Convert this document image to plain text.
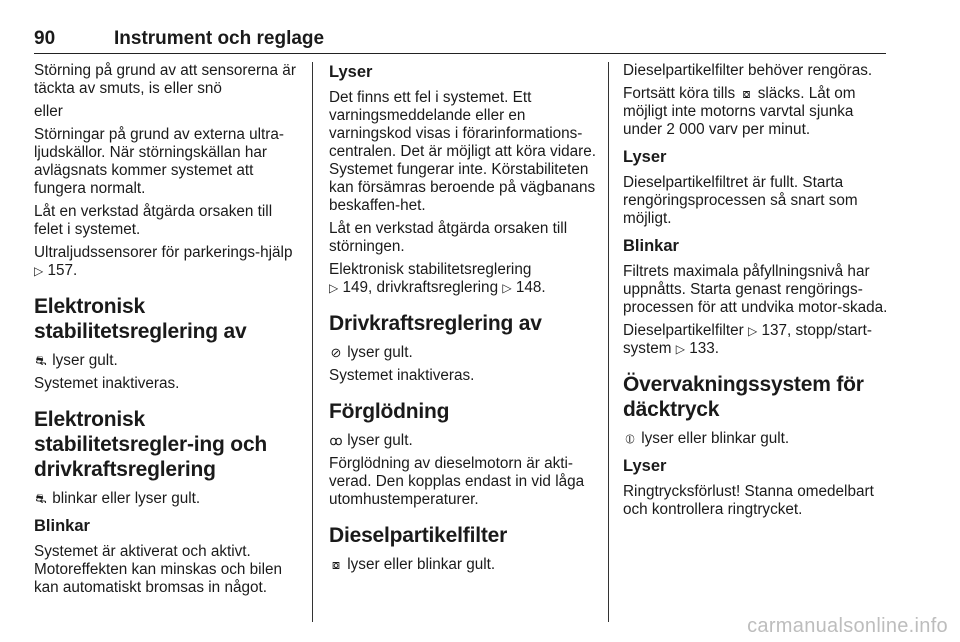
90	Instrument och reglage

Störning på grund av att sensorerna är täckta av smuts, is eller snö

eller

Störningar på grund av externa ultra-ljudskällor. När störningskällan har avlägsnats kommer systemet att fungera normalt.

Låt en verkstad åtgärda orsaken till felet i systemet.

Ultraljudssensorer för parkerings-hjälp ▷ 157.

Elektronisk stabilitetsreglering av

⛐ lyser gult.

Systemet inaktiveras.

Elektronisk stabilitetsregler-ing och drivkraftsreglering

⛐ blinkar eller lyser gult.

Blinkar

Systemet är aktiverat och aktivt. Motoreffekten kan minskas och bilen kan automatiskt bromsas in något.

Lyser

Det finns ett fel i systemet. Ett varningsmeddelande eller en varningskod visas i förarinformations-centralen. Det är möjligt att köra vidare. Systemet fungerar inte. Körstabiliteten kan försämras beroende på vägbanans beskaffen-het.

Låt en verkstad åtgärda orsaken till störningen.

Elektronisk stabilitetsreglering
▷ 149, drivkraftsreglering ▷ 148.

Drivkraftsreglering av

⊘ lyser gult.

Systemet inaktiveras.

Förglödning

ꝏ lyser gult.

Förglödning av dieselmotorn är akti-verad. Den kopplas endast in vid låga utomhustemperaturer.

Dieselpartikelfilter

⧇ lyser eller blinkar gult.

Dieselpartikelfilter behöver rengöras.

Fortsätt köra tills ⧇ släcks. Låt om möjligt inte motorns varvtal sjunka under 2 000 varv per minut.

Lyser

Dieselpartikelfiltret är fullt. Starta rengöringsprocessen så snart som möjligt.

Blinkar

Filtrets maximala påfyllningsnivå har uppnåtts. Starta genast rengörings-processen för att undvika motor-skada.

Dieselpartikelfilter ▷ 137, stopp/start-system ▷ 133.

Övervakningssystem för däcktryck

⦶ lyser eller blinkar gult.

Lyser

Ringtrycksförlust! Stanna omedelbart och kontrollera ringtrycket.

carmanualsonline.info
